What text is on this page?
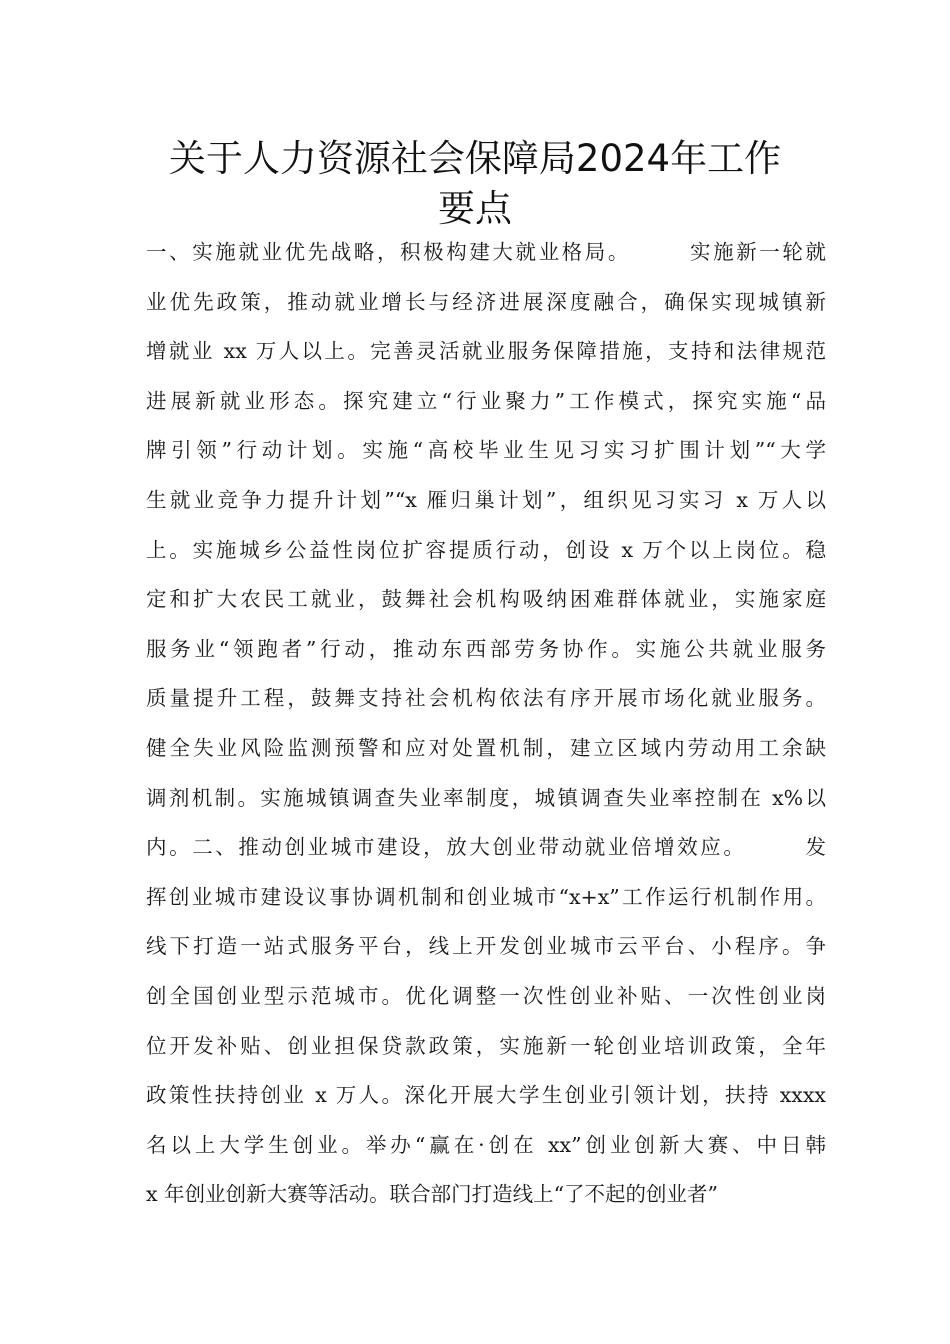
关于人力资源社会保障局2024年工作
要点
一、实施就业优先战略，积极构建大就业格局。　　　实施新一轮就
业优先政策，推动就业增长与经济进展深度融合，确保实现城镇新
增就业 xx 万人以上。完善灵活就业服务保障措施，支持和法律规范
进展新就业形态。探究建立“行业聚力”工作模式，探究实施“品
牌引领”行动计划。实施“高校毕业生见习实习扩围计划”“大学
生就业竞争力提升计划”“x 雁归巢计划”，组织见习实习 x 万人以
上。实施城乡公益性岗位扩容提质行动，创设 x 万个以上岗位。稳
定和扩大农民工就业，鼓舞社会机构吸纳困难群体就业，实施家庭
服务业“领跑者”行动，推动东西部劳务协作。实施公共就业服务
质量提升工程，鼓舞支持社会机构依法有序开展市场化就业服务。
健全失业风险监测预警和应对处置机制，建立区域内劳动用工余缺
调剂机制。实施城镇调查失业率制度，城镇调查失业率控制在 x%以
内。二、推动创业城市建设，放大创业带动就业倍增效应。　　　发
挥创业城市建设议事协调机制和创业城市“x+x”工作运行机制作用。
线下打造一站式服务平台，线上开发创业城市云平台、小程序。争
创全国创业型示范城市。优化调整一次性创业补贴、一次性创业岗
位开发补贴、创业担保贷款政策，实施新一轮创业培训政策，全年
政策性扶持创业 x 万人。深化开展大学生创业引领计划，扶持 xxxx
名以上大学生创业。举办“赢在·创在 xx”创业创新大赛、中日韩
x 年创业创新大赛等活动。联合部门打造线上“了不起的创业者”
